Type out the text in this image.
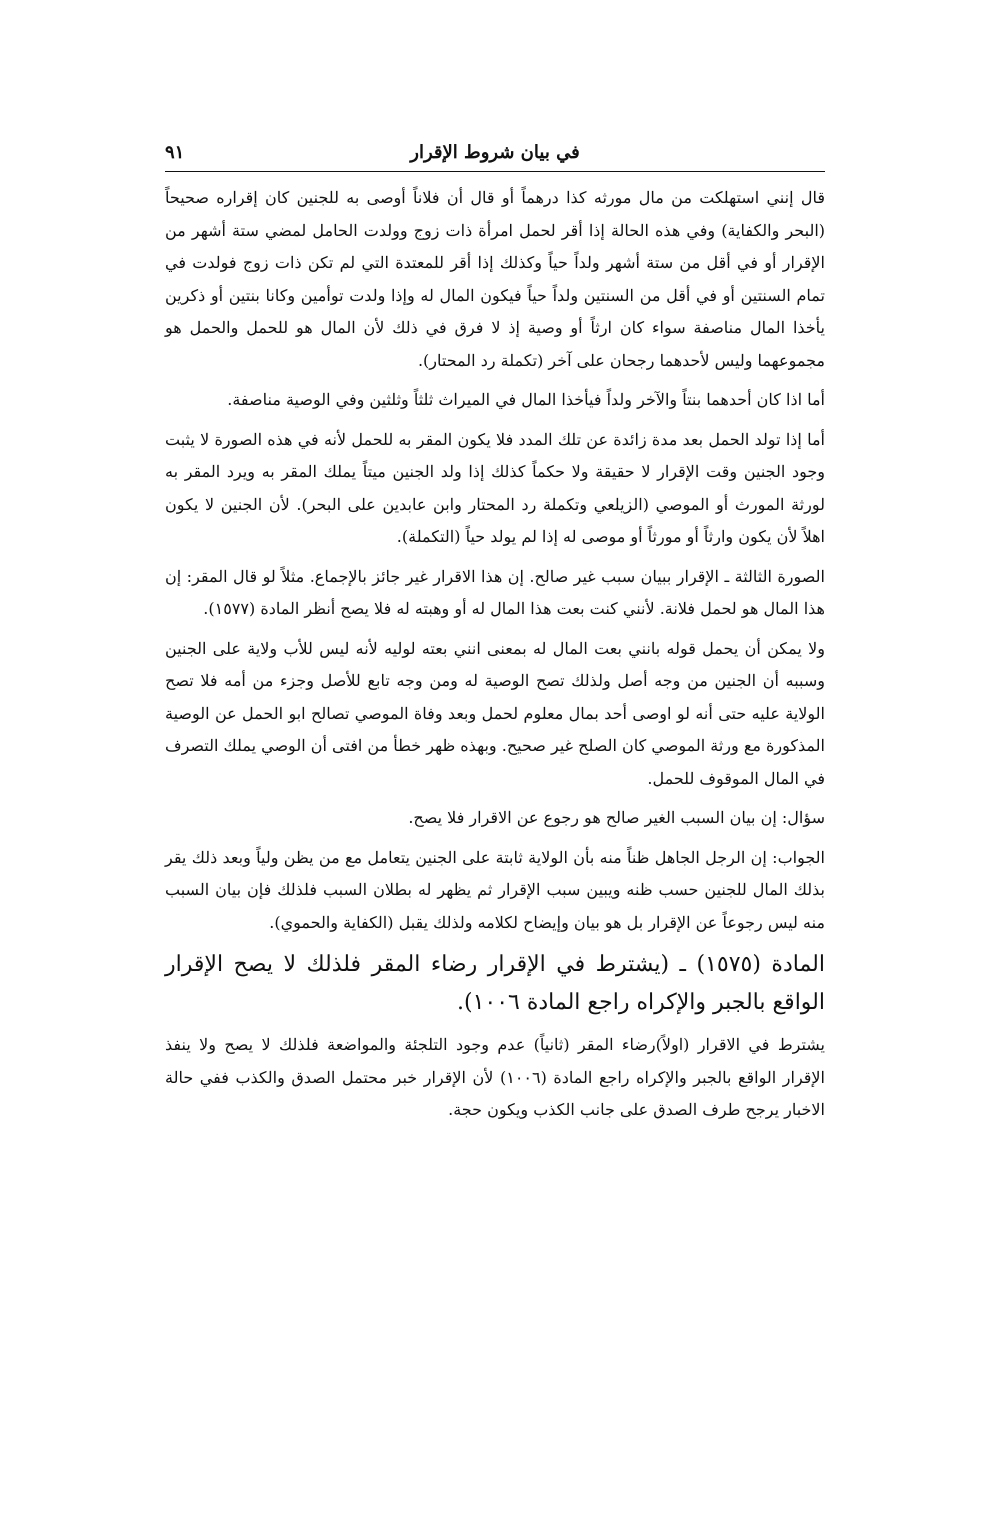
في بيان شروط الإقرار
٩١

قال إنني استهلكت من مال مورثه كذا درهماً أو قال أن فلاناً أوصى به للجنين كان إقراره صحيحاً (البحر والكفاية) وفي هذه الحالة إذا أقر لحمل امرأة ذات زوج وولدت الحامل لمضي ستة أشهر من الإقرار أو في أقل من ستة أشهر ولداً حياً وكذلك إذا أقر للمعتدة التي لم تكن ذات زوج فولدت في تمام السنتين أو في أقل من السنتين ولداً حياً فيكون المال له وإذا ولدت توأمين وكانا بنتين أو ذكرين يأخذا المال مناصفة سواء كان ارثاً أو وصية إذ لا فرق في ذلك لأن المال هو للحمل والحمل هو مجموعهما وليس لأحدهما رجحان على آخر (تكملة رد المحتار).

أما اذا كان أحدهما بنتاً والآخر ولداً فيأخذا المال في الميراث ثلثاً وثلثين وفي الوصية مناصفة.

أما إذا تولد الحمل بعد مدة زائدة عن تلك المدد فلا يكون المقر به للحمل لأنه في هذه الصورة لا يثبت وجود الجنين وقت الإقرار لا حقيقة ولا حكماً كذلك إذا ولد الجنين ميتاً يملك المقر به ويرد المقر به لورثة المورث أو الموصي (الزيلعي وتكملة رد المحتار وابن عابدين على البحر). لأن الجنين لا يكون اهلاً لأن يكون وارثاً أو مورثاً أو موصى له إذا لم يولد حياً (التكملة).

الصورة الثالثة ـ الإقرار ببيان سبب غير صالح. إن هذا الاقرار غير جائز بالإجماع. مثلاً لو قال المقر: إن هذا المال هو لحمل فلانة. لأنني كنت بعت هذا المال له أو وهبته له فلا يصح أنظر المادة (١٥٧٧).

ولا يمكن أن يحمل قوله بانني بعت المال له بمعنى انني بعته لوليه لأنه ليس للأب ولاية على الجنين وسببه أن الجنين من وجه أصل ولذلك تصح الوصية له ومن وجه تابع للأصل وجزء من أمه فلا تصح الولاية عليه حتى أنه لو اوصى أحد بمال معلوم لحمل وبعد وفاة الموصي تصالح ابو الحمل عن الوصية المذكورة مع ورثة الموصي كان الصلح غير صحيح. وبهذه ظهر خطأ من افتى أن الوصي يملك التصرف في المال الموقوف للحمل.

سؤال: إن بيان السبب الغير صالح هو رجوع عن الاقرار فلا يصح.

الجواب: إن الرجل الجاهل ظناً منه بأن الولاية ثابتة على الجنين يتعامل مع من يظن ولياً وبعد ذلك يقر بذلك المال للجنين حسب ظنه ويبين سبب الإقرار ثم يظهر له بطلان السبب فلذلك فإن بيان السبب منه ليس رجوعاً عن الإقرار بل هو بيان وإيضاح لكلامه ولذلك يقبل (الكفاية والحموي).

المادة (١٥٧٥) ـ (يشترط في الإقرار رضاء المقر فلذلك لا يصح الإقرار الواقع بالجبر والإكراه راجع المادة ١٠٠٦).

يشترط في الاقرار (اولاً)رضاء المقر (ثانياً) عدم وجود التلجئة والمواضعة فلذلك لا يصح ولا ينفذ الإقرار الواقع بالجبر والإكراه راجع المادة (١٠٠٦) لأن الإقرار خبر محتمل الصدق والكذب ففي حالة الاخبار يرجح طرف الصدق على جانب الكذب ويكون حجة.
